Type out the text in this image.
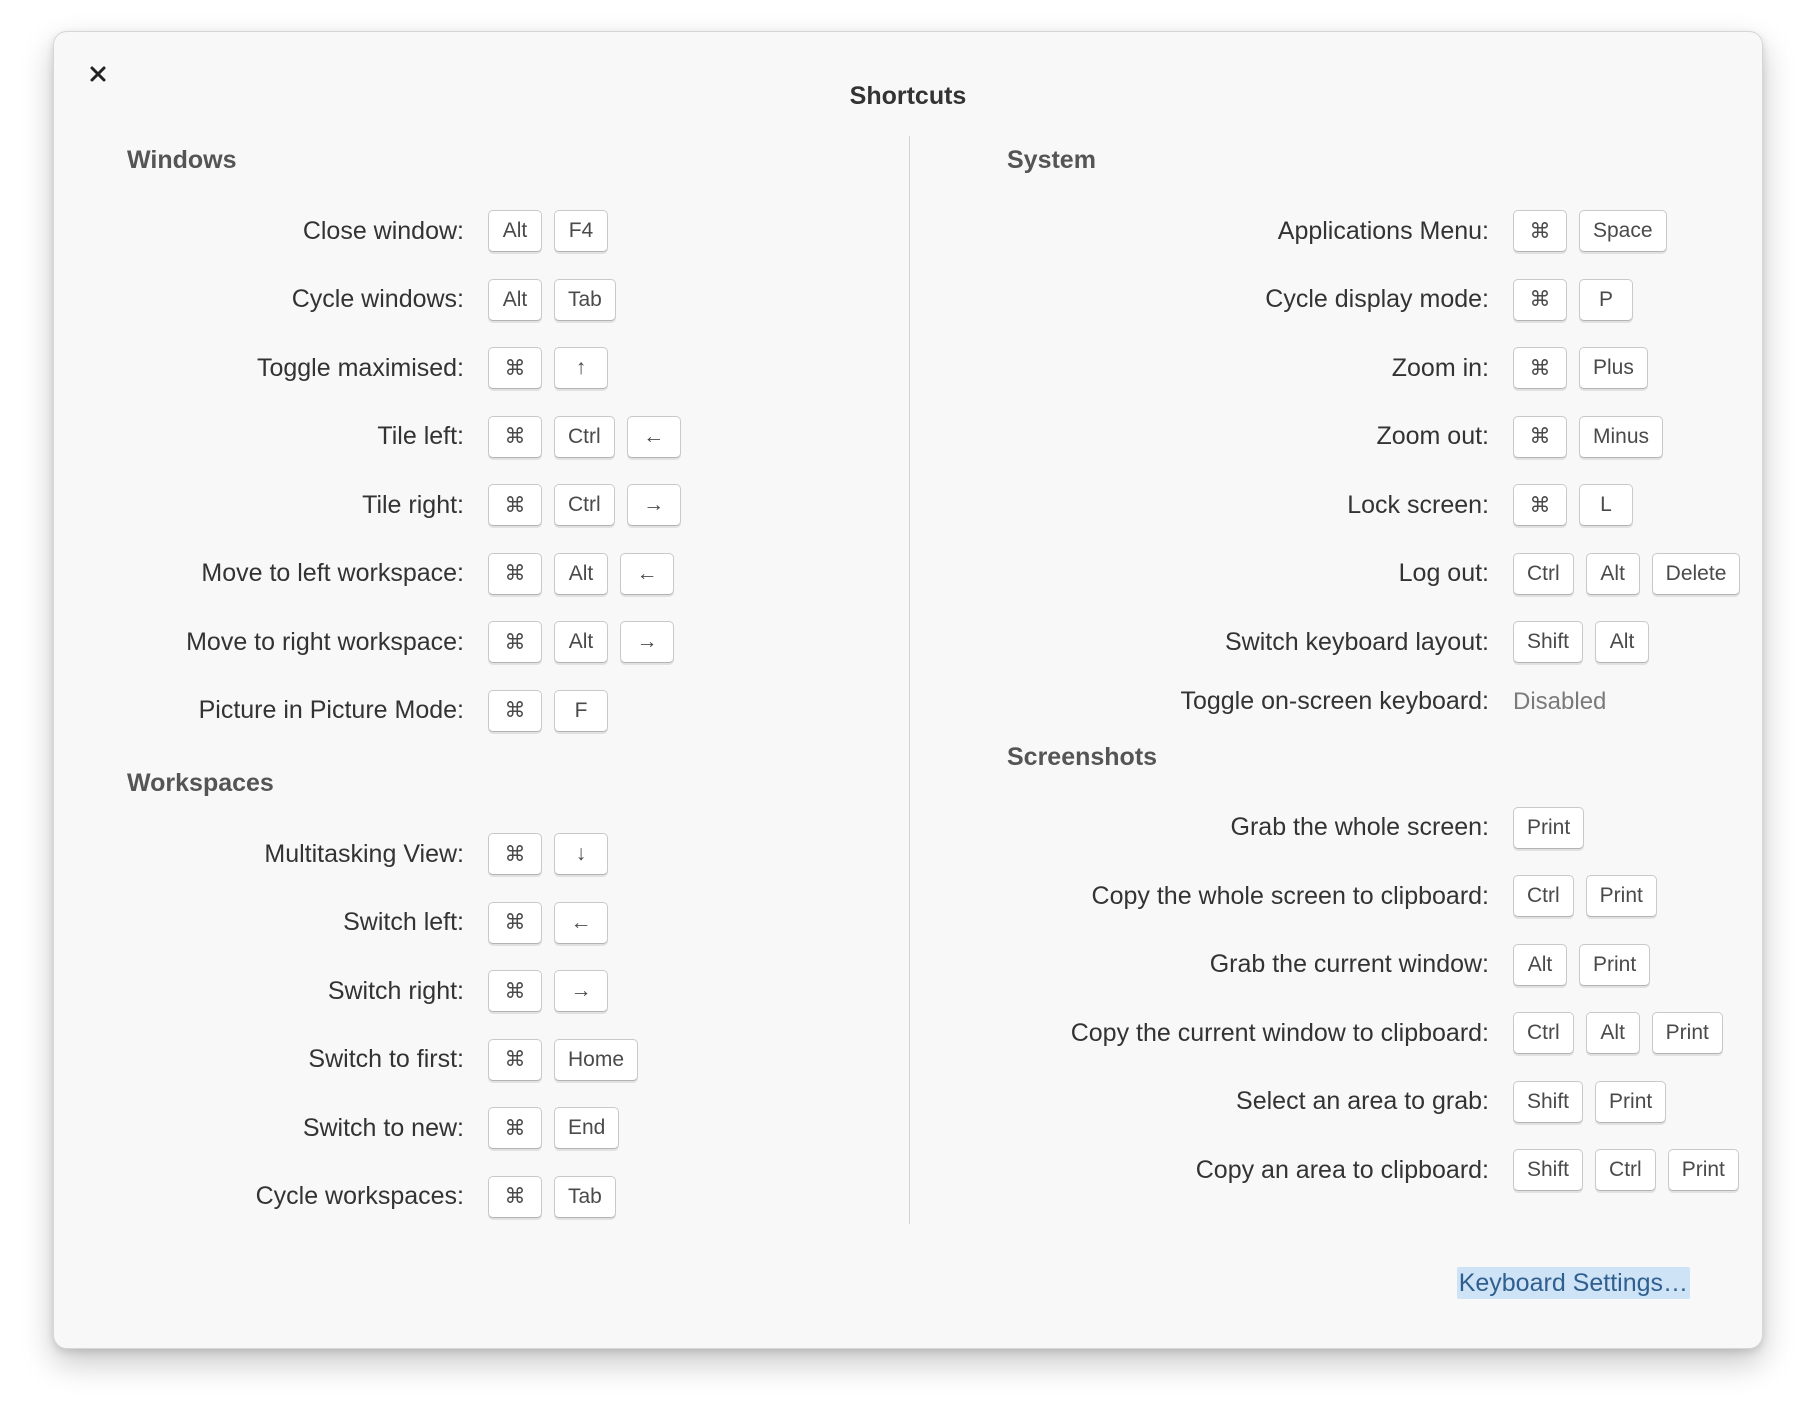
Shortcuts
Windows
Close window:	Alt	F4
Cycle windows:	Alt	Tab
Toggle maximised:	⌘	↑
Tile left:	⌘	Ctrl	←
Tile right:	⌘	Ctrl	→
Move to left workspace:	⌘	Alt	←
Move to right workspace:	⌘	Alt	→
Picture in Picture Mode:	⌘	F
Workspaces
Multitasking View:	⌘	↓
Switch left:	⌘	←
Switch right:	⌘	→
Switch to first:	⌘	Home
Switch to new:	⌘	End
Cycle workspaces:	⌘	Tab
System
Applications Menu:	⌘	Space
Cycle display mode:	⌘	P
Zoom in:	⌘	Plus
Zoom out:	⌘	Minus
Lock screen:	⌘	L
Log out:	Ctrl	Alt	Delete
Switch keyboard layout:	Shift	Alt
Toggle on-screen keyboard: Disabled
Screenshots
Grab the whole screen:	Print
Copy the whole screen to clipboard:	Ctrl	Print
Grab the current window:	Alt	Print
Copy the current window to clipboard:	Ctrl	Alt	Print
Select an area to grab:	Shift	Print
Copy an area to clipboard:	Shift	Ctrl	Print
Keyboard Settings…
